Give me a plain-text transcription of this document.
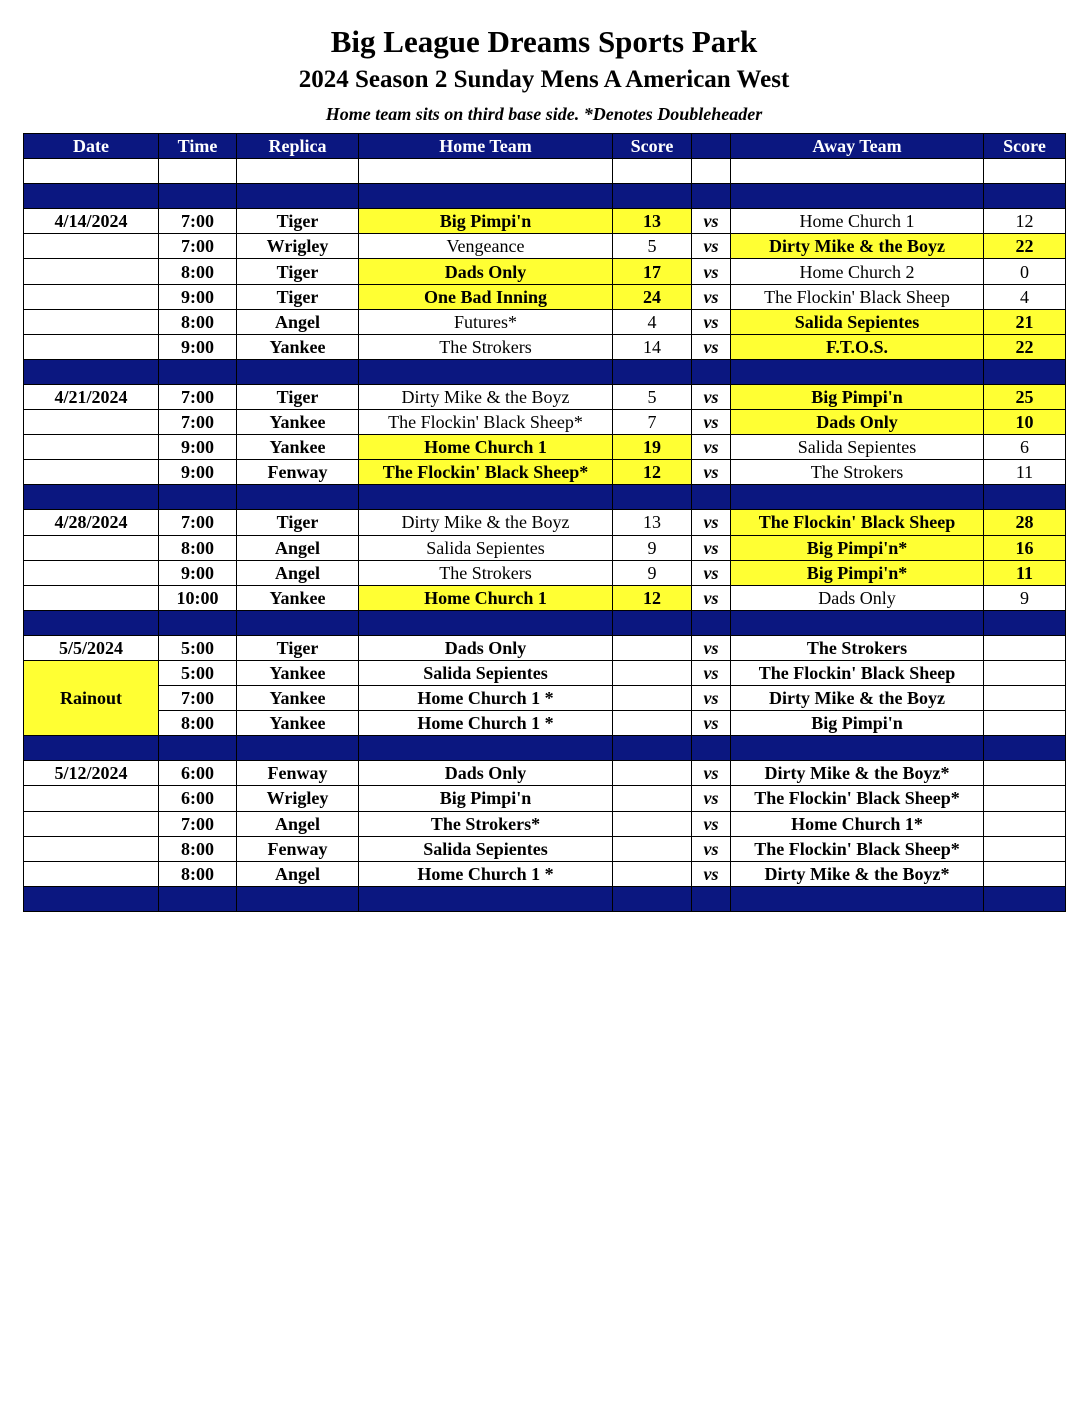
Big League Dreams Sports Park
2024 Season 2 Sunday Mens A American West

Home team sits on third base side. *Denotes Doubleheader

Date	Time	Replica	Home Team	Score		Away Team	Score

4/14/2024	7:00	Tiger	Big Pimpi'n	13	vs	Home Church 1	12
	7:00	Wrigley	Vengeance	5	vs	Dirty Mike & the Boyz	22
	8:00	Tiger	Dads Only	17	vs	Home Church 2	0
	9:00	Tiger	One Bad Inning	24	vs	The Flockin' Black Sheep	4
	8:00	Angel	Futures*	4	vs	Salida Sepientes	21
	9:00	Yankee	The Strokers	14	vs	F.T.O.S.	22

4/21/2024	7:00	Tiger	Dirty Mike & the Boyz	5	vs	Big Pimpi'n	25
	7:00	Yankee	The Flockin' Black Sheep*	7	vs	Dads Only	10
	9:00	Yankee	Home Church 1	19	vs	Salida Sepientes	6
	9:00	Fenway	The Flockin' Black Sheep*	12	vs	The Strokers	11

4/28/2024	7:00	Tiger	Dirty Mike & the Boyz	13	vs	The Flockin' Black Sheep	28
	8:00	Angel	Salida Sepientes	9	vs	Big Pimpi'n*	16
	9:00	Angel	The Strokers	9	vs	Big Pimpi'n*	11
	10:00	Yankee	Home Church 1	12	vs	Dads Only	9

5/5/2024	5:00	Tiger	Dads Only		vs	The Strokers	
Rainout	5:00	Yankee	Salida Sepientes		vs	The Flockin' Black Sheep	
	7:00	Yankee	Home Church 1 *		vs	Dirty Mike & the Boyz	
	8:00	Yankee	Home Church 1 *		vs	Big Pimpi'n	

5/12/2024	6:00	Fenway	Dads Only		vs	Dirty Mike & the Boyz*	
	6:00	Wrigley	Big Pimpi'n		vs	The Flockin' Black Sheep*	
	7:00	Angel	The Strokers*		vs	Home Church 1*	
	8:00	Fenway	Salida Sepientes		vs	The Flockin' Black Sheep*	
	8:00	Angel	Home Church 1 *		vs	Dirty Mike & the Boyz*	
